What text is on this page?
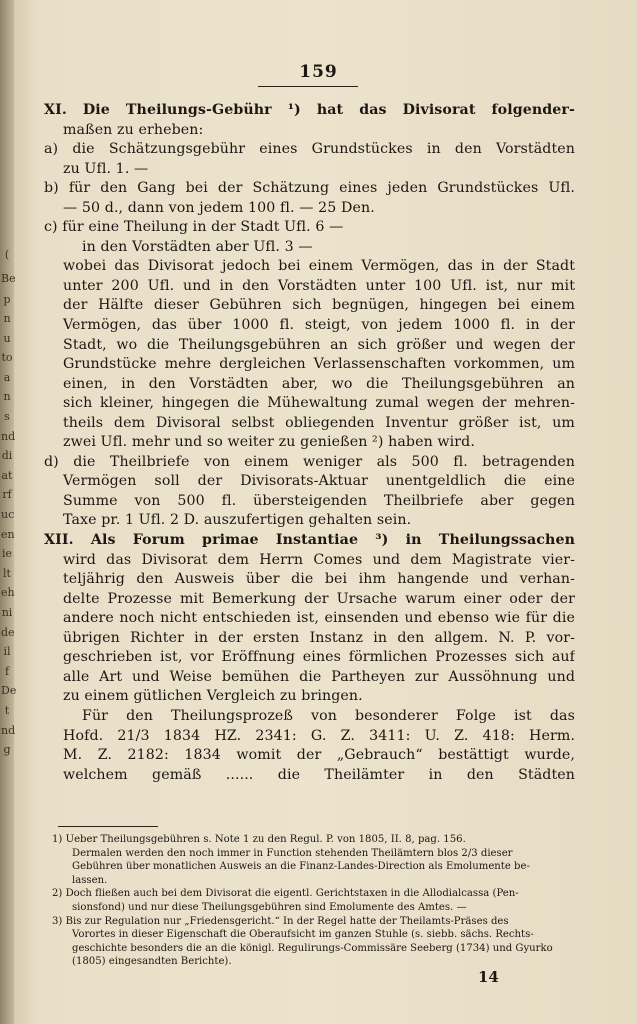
(
Be
p
n
u
to
a
n
s
nd
di
at
rf
uc
en
ie
lt
eh
ni
de
il
f
De
t
nd
g
159
XI. Die Theilungs-Gebühr ¹) hat das Divisorat folgender-
maßen zu erheben:
a) die Schätzungsgebühr eines Grundstückes in den Vorstädten
zu Ufl. 1. —
b) für den Gang bei der Schätzung eines jeden Grundstückes Ufl.
— 50 d., dann von jedem 100 fl. — 25 Den.
c) für eine Theilung in der Stadt Ufl. 6 —
in den Vorstädten aber Ufl. 3 —
wobei das Divisorat jedoch bei einem Vermögen, das in der Stadt
unter 200 Ufl. und in den Vorstädten unter 100 Ufl. ist, nur mit
der Hälfte dieser Gebühren sich begnügen, hingegen bei einem
Vermögen, das über 1000 fl. steigt, von jedem 1000 fl. in der
Stadt, wo die Theilungsgebühren an sich größer und wegen der
Grundstücke mehre dergleichen Verlassenschaften vorkommen, um
einen, in den Vorstädten aber, wo die Theilungsgebühren an
sich kleiner, hingegen die Mühewaltung zumal wegen der mehren-
theils dem Divisoral selbst obliegenden Inventur größer ist, um
zwei Ufl. mehr und so weiter zu genießen ²) haben wird.
d) die Theilbriefe von einem weniger als 500 fl. betragenden
Vermögen soll der Divisorats-Aktuar unentgeldlich die eine
Summe von 500 fl. übersteigenden Theilbriefe aber gegen
Taxe pr. 1 Ufl. 2 D. auszufertigen gehalten sein.
XII. Als Forum primae Instantiae ³) in Theilungssachen
wird das Divisorat dem Herrn Comes und dem Magistrate vier-
teljährig den Ausweis über die bei ihm hangende und verhan-
delte Prozesse mit Bemerkung der Ursache warum einer oder der
andere noch nicht entschieden ist, einsenden und ebenso wie für die
übrigen Richter in der ersten Instanz in den allgem. N. P. vor-
geschrieben ist, vor Eröffnung eines förmlichen Prozesses sich auf
alle Art und Weise bemühen die Partheyen zur Aussöhnung und
zu einem gütlichen Vergleich zu bringen.
Für den Theilungsprozeß von besonderer Folge ist das
Hofd. 21/3 1834 HZ. 2341: G. Z. 3411: U. Z. 418: Herm.
M. Z. 2182: 1834 womit der „Gebrauch“ bestättigt wurde,
welchem gemäß ...... die Theilämter in den Städten
1) Ueber Theilungsgebühren s. Note 1 zu den Regul. P. von 1805, II. 8, pag. 156.
Dermalen werden den noch immer in Function stehenden Theilämtern blos 2/3 dieser
Gebühren über monatlichen Ausweis an die Finanz-Landes-Direction als Emolumente be-
lassen.
2) Doch fließen auch bei dem Divisorat die eigentl. Gerichtstaxen in die Allodialcassa (Pen-
sionsfond) und nur diese Theilungsgebühren sind Emolumente des Amtes. —
3) Bis zur Regulation nur „Friedensgericht.“ In der Regel hatte der Theilamts-Präses des
Vorortes in dieser Eigenschaft die Oberaufsicht im ganzen Stuhle (s. siebb. sächs. Rechts-
geschichte besonders die an die königl. Regulirungs-Commissäre Seeberg (1734) und Gyurko
(1805) eingesandten Berichte).
14
